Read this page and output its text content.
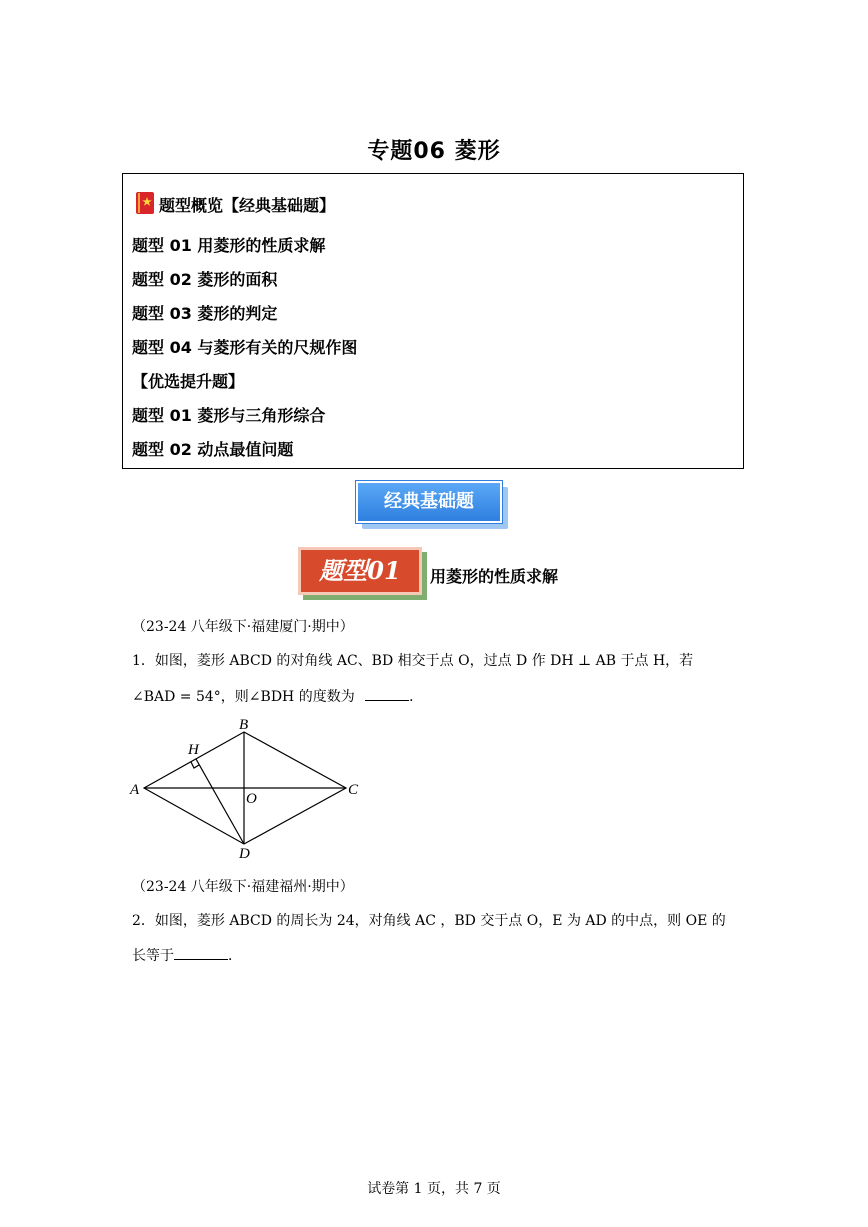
专题06 菱形
题型概览【经典基础题】
题型 01 用菱形的性质求解
题型 02 菱形的面积
题型 03 菱形的判定
题型 04 与菱形有关的尺规作图
【优选提升题】
题型 01 菱形与三角形综合
题型 02 动点最值问题
经典基础题
题型01	用菱形的性质求解
（23-24 八年级下·福建厦门·期中）
1．如图，菱形 ABCD 的对角线 AC、BD 相交于点 O，过点 D 作 DH ⊥ AB 于点 H，若
∠BAD = 54°，则∠BDH 的度数为	．
A
B
C
D
H
O
（23-24 八年级下·福建福州·期中）
2．如图，菱形 ABCD 的周长为 24，对角线 AC ，BD 交于点 O，E 为 AD 的中点，则 OE 的
长等于	．
试卷第 1 页，共 7 页
